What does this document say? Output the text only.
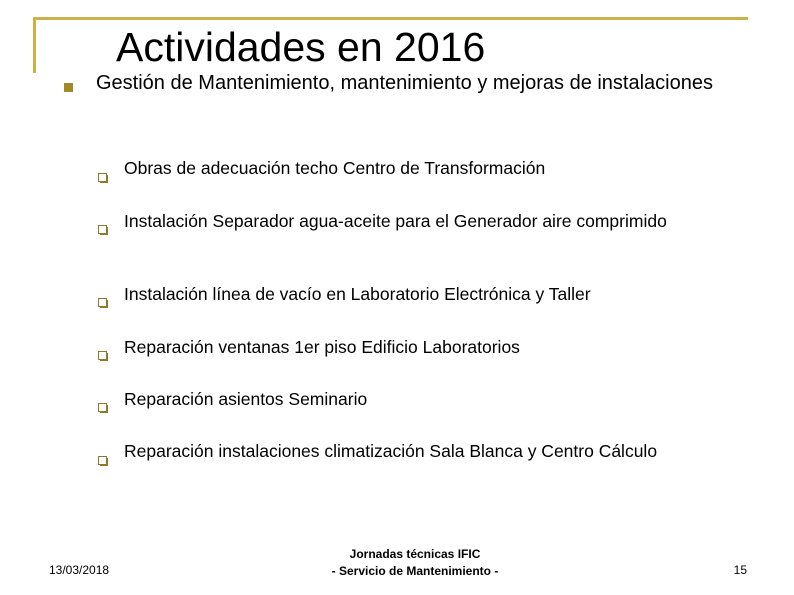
Actividades en 2016
Gestión de Mantenimiento, mantenimiento y mejoras de instalaciones
Obras de adecuación techo Centro de Transformación
Instalación Separador agua-aceite para el Generador aire comprimido
Instalación línea de vacío en Laboratorio Electrónica y Taller
Reparación ventanas 1er piso Edificio Laboratorios
Reparación asientos Seminario
Reparación instalaciones climatización Sala Blanca y Centro Cálculo
13/03/2018
Jornadas técnicas IFIC
- Servicio de Mantenimiento -	15
